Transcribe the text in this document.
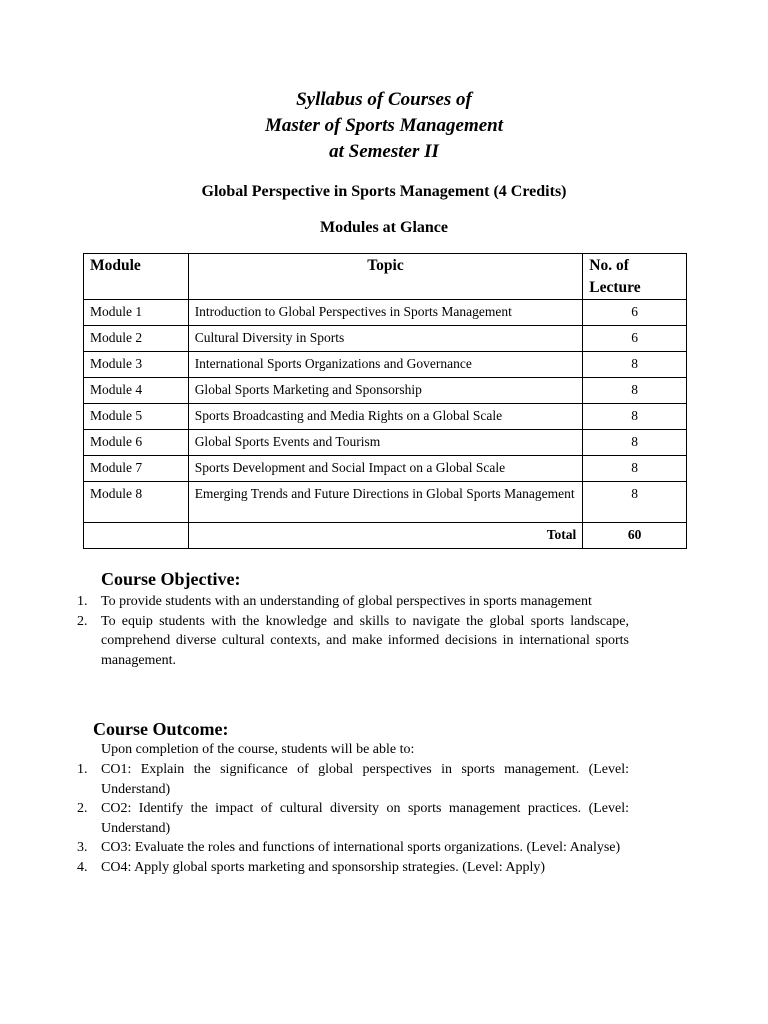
Syllabus of Courses of
Master of Sports Management
at Semester II
Global Perspective in Sports Management (4 Credits)
Modules at Glance
Module	Topic	No. of Lecture
Module 1	Introduction to Global Perspectives in Sports Management	6
Module 2	Cultural Diversity in Sports	6
Module 3	International Sports Organizations and Governance	8
Module 4	Global Sports Marketing and Sponsorship	8
Module 5	Sports Broadcasting and Media Rights on a Global Scale	8
Module 6	Global Sports Events and Tourism	8
Module 7	Sports Development and Social Impact on a Global Scale	8
Module 8	Emerging Trends and Future Directions in Global Sports Management	8
	Total	60
Course Objective:
1. To provide students with an understanding of global perspectives in sports management
2. To equip students with the knowledge and skills to navigate the global sports landscape, comprehend diverse cultural contexts, and make informed decisions in international sports management.
Course Outcome:
Upon completion of the course, students will be able to:
1. CO1: Explain the significance of global perspectives in sports management. (Level: Understand)
2. CO2: Identify the impact of cultural diversity on sports management practices. (Level: Understand)
3. CO3: Evaluate the roles and functions of international sports organizations. (Level: Analyse)
4. CO4: Apply global sports marketing and sponsorship strategies. (Level: Apply)
